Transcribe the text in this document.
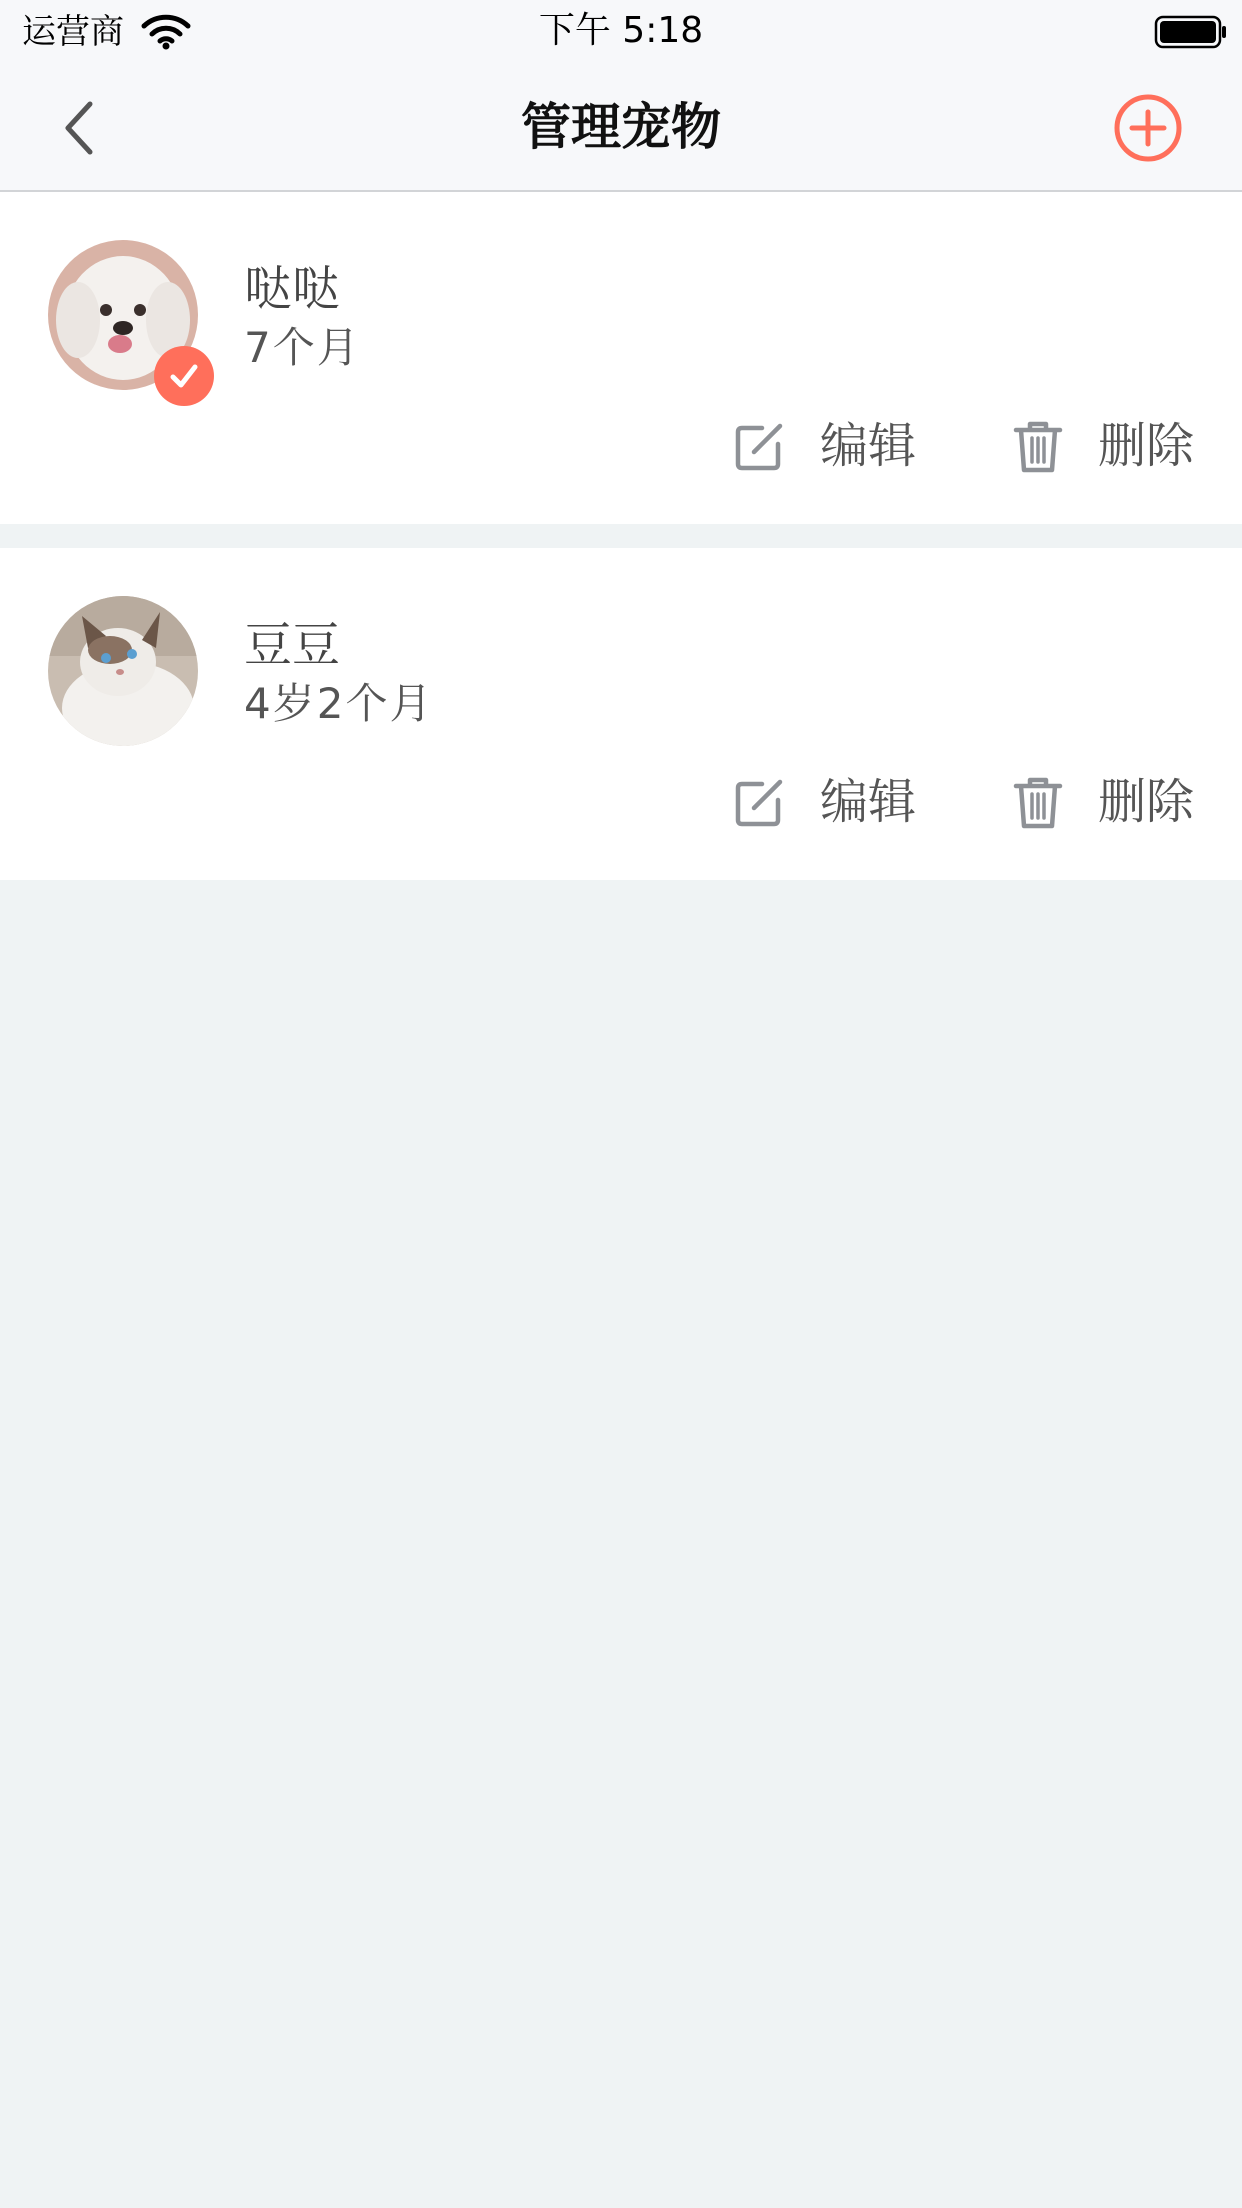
运营商	下午 5:18
管理宠物
哒哒
7个月
编辑	删除
豆豆
4岁2个月
编辑	删除
